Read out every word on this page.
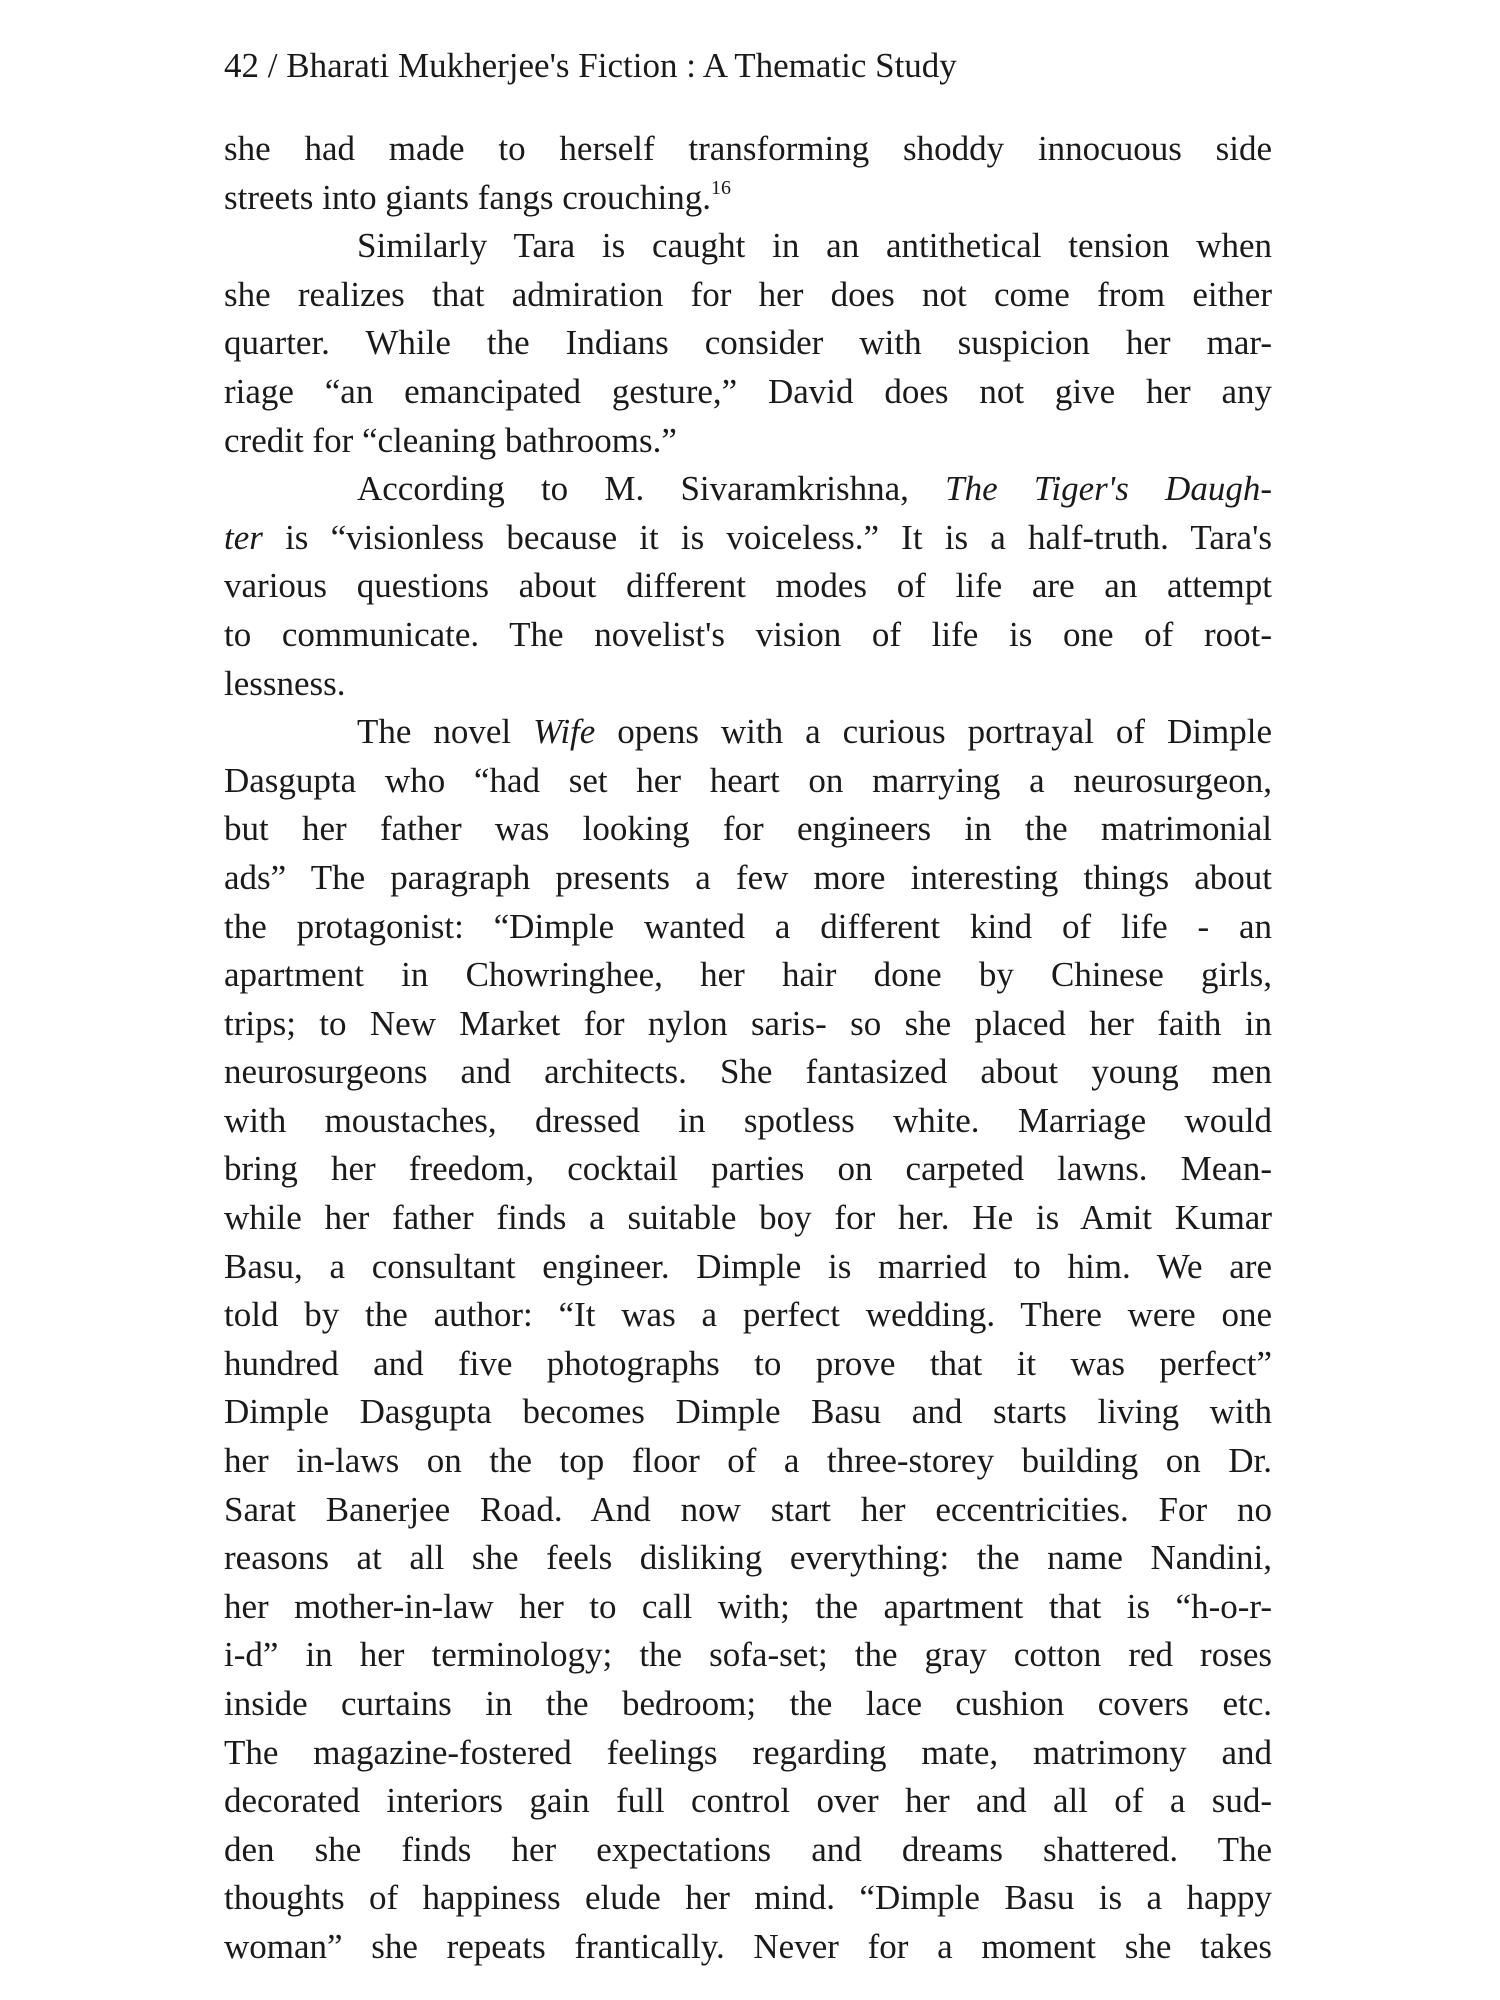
42 / Bharati Mukherjee's Fiction : A Thematic Study
she had made to herself transforming shoddy innocuous side
streets into giants fangs crouching.$^{16}$
Similarly Tara is caught in an antithetical tension when
she realizes that admiration for her does not come from either
quarter. While the Indians consider with suspicion her mar-
riage “an emancipated gesture,” David does not give her any
credit for “cleaning bathrooms.”
According to M. Sivaramkrishna, The Tiger's Daugh-
ter is “visionless because it is voiceless.” It is a half-truth. Tara's
various questions about different modes of life are an attempt
to communicate. The novelist's vision of life is one of root-
lessness.
The novel Wife opens with a curious portrayal of Dimple
Dasgupta who “had set her heart on marrying a neurosurgeon,
but her father was looking for engineers in the matrimonial
ads” The paragraph presents a few more interesting things about
the protagonist: “Dimple wanted a different kind of life - an
apartment in Chowringhee, her hair done by Chinese girls,
trips; to New Market for nylon saris- so she placed her faith in
neurosurgeons and architects. She fantasized about young men
with moustaches, dressed in spotless white. Marriage would
bring her freedom, cocktail parties on carpeted lawns. Mean-
while her father finds a suitable boy for her. He is Amit Kumar
Basu, a consultant engineer. Dimple is married to him. We are
told by the author: “It was a perfect wedding. There were one
hundred and five photographs to prove that it was perfect”
Dimple Dasgupta becomes Dimple Basu and starts living with
her in-laws on the top floor of a three-storey building on Dr.
Sarat Banerjee Road. And now start her eccentricities. For no
reasons at all she feels disliking everything: the name Nandini,
her mother-in-law her to call with; the apartment that is “h-o-r-
i-d” in her terminology; the sofa-set; the gray cotton red roses
inside curtains in the bedroom; the lace cushion covers etc.
The magazine-fostered feelings regarding mate, matrimony and
decorated interiors gain full control over her and all of a sud-
den she finds her expectations and dreams shattered. The
thoughts of happiness elude her mind. “Dimple Basu is a happy
woman” she repeats frantically. Never for a moment she takes
